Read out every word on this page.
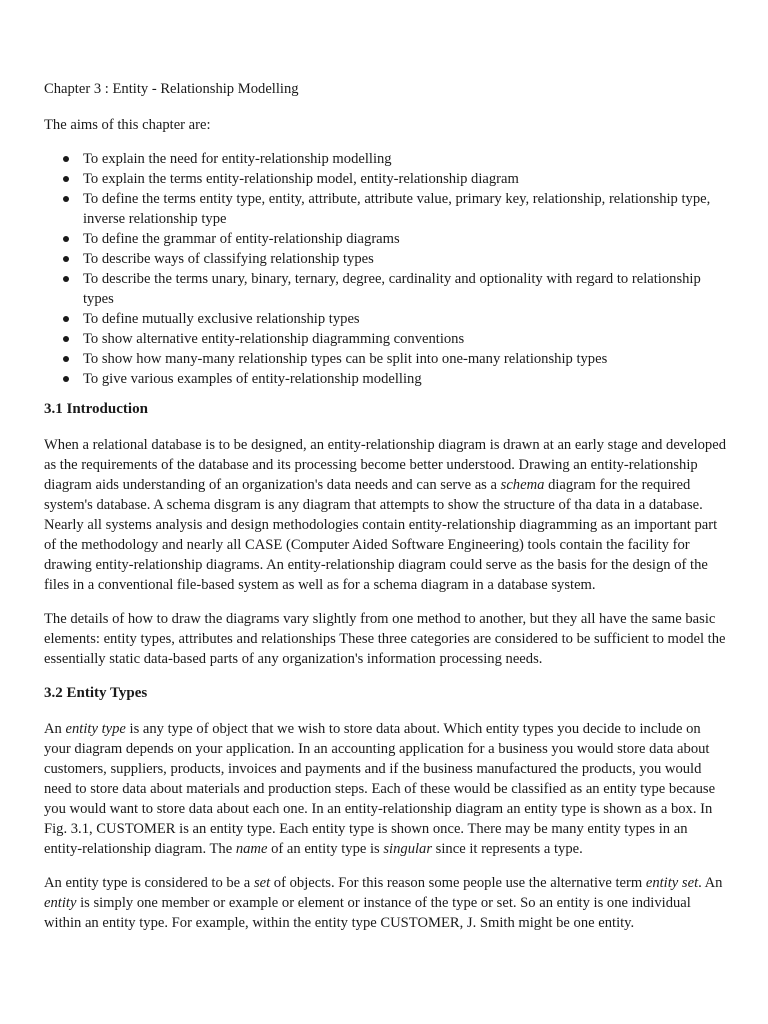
Chapter 3 : Entity - Relationship Modelling
The aims of this chapter are:
To explain the need for entity-relationship modelling
To explain the terms entity-relationship model, entity-relationship diagram
To define the terms entity type, entity, attribute, attribute value, primary key, relationship, relationship type, inverse relationship type
To define the grammar of entity-relationship diagrams
To describe ways of classifying relationship types
To describe the terms unary, binary, ternary, degree, cardinality and optionality with regard to relationship types
To define mutually exclusive relationship types
To show alternative entity-relationship diagramming conventions
To show how many-many relationship types can be split into one-many relationship types
To give various examples of entity-relationship modelling
3.1 Introduction

When a relational database is to be designed, an entity-relationship diagram is drawn at an early stage and developed as the requirements of the database and its processing become better understood. Drawing an entity-relationship diagram aids understanding of an organization's data needs and can serve as a schema diagram for the required system's database. A schema disgram is any diagram that attempts to show the structure of tha data in a database. Nearly all systems analysis and design methodologies contain entity-relationship diagramming as an important part of the methodology and nearly all CASE (Computer Aided Software Engineering) tools contain the facility for drawing entity-relationship diagrams. An entity-relationship diagram could serve as the basis for the design of the files in a conventional file-based system as well as for a schema diagram in a database system.

The details of how to draw the diagrams vary slightly from one method to another, but they all have the same basic elements: entity types, attributes and relationships These three categories are considered to be sufficient to model the essentially static data-based parts of any organization's information processing needs.

3.2 Entity Types

An entity type is any type of object that we wish to store data about. Which entity types you decide to include on your diagram depends on your application. In an accounting application for a business you would store data about customers, suppliers, products, invoices and payments and if the business manufactured the products, you would need to store data about materials and production steps. Each of these would be classified as an entity type because you would want to store data about each one. In an entity-relationship diagram an entity type is shown as a box. In Fig. 3.1, CUSTOMER is an entity type. Each entity type is shown once. There may be many entity types in an entity-relationship diagram. The name of an entity type is singular since it represents a type.

An entity type is considered to be a set of objects. For this reason some people use the alternative term entity set. An entity is simply one member or example or element or instance of the type or set. So an entity is one individual within an entity type. For example, within the entity type CUSTOMER, J. Smith might be one entity.
